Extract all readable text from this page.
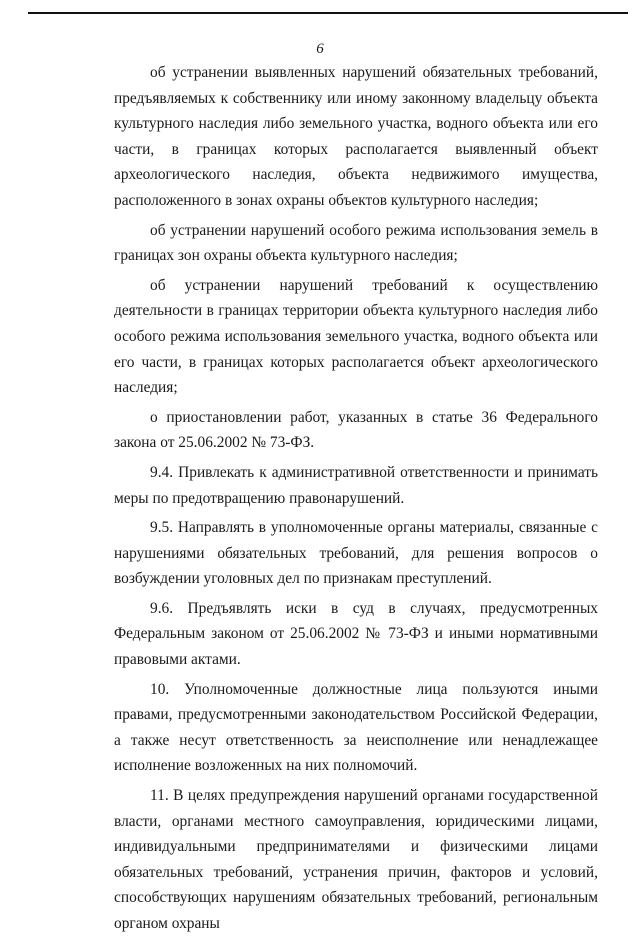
6

об устранении выявленных нарушений обязательных требований, предъявляемых к собственнику или иному законному владельцу объекта культурного наследия либо земельного участка, водного объекта или его части, в границах которых располагается выявленный объект археологического наследия, объекта недвижимого имущества, расположенного в зонах охраны объектов культурного наследия;

об устранении нарушений особого режима использования земель в границах зон охраны объекта культурного наследия;

об устранении нарушений требований к осуществлению деятельности в границах территории объекта культурного наследия либо особого режима использования земельного участка, водного объекта или его части, в границах которых располагается объект археологического наследия;

о приостановлении работ, указанных в статье 36 Федерального закона от 25.06.2002 № 73-ФЗ.

9.4. Привлекать к административной ответственности и принимать меры по предотвращению правонарушений.

9.5. Направлять в уполномоченные органы материалы, связанные с нарушениями обязательных требований, для решения вопросов о возбуждении уголовных дел по признакам преступлений.

9.6. Предъявлять иски в суд в случаях, предусмотренных Федеральным законом от 25.06.2002 № 73-ФЗ и иными нормативными правовыми актами.

10. Уполномоченные должностные лица пользуются иными правами, предусмотренными законодательством Российской Федерации, а также несут ответственность за неисполнение или ненадлежащее исполнение возложенных на них полномочий.

11. В целях предупреждения нарушений органами государственной власти, органами местного самоуправления, юридическими лицами, индивидуальными предпринимателями и физическими лицами обязательных требований, устранения причин, факторов и условий, способствующих нарушениям обязательных требований, региональным органом охраны
